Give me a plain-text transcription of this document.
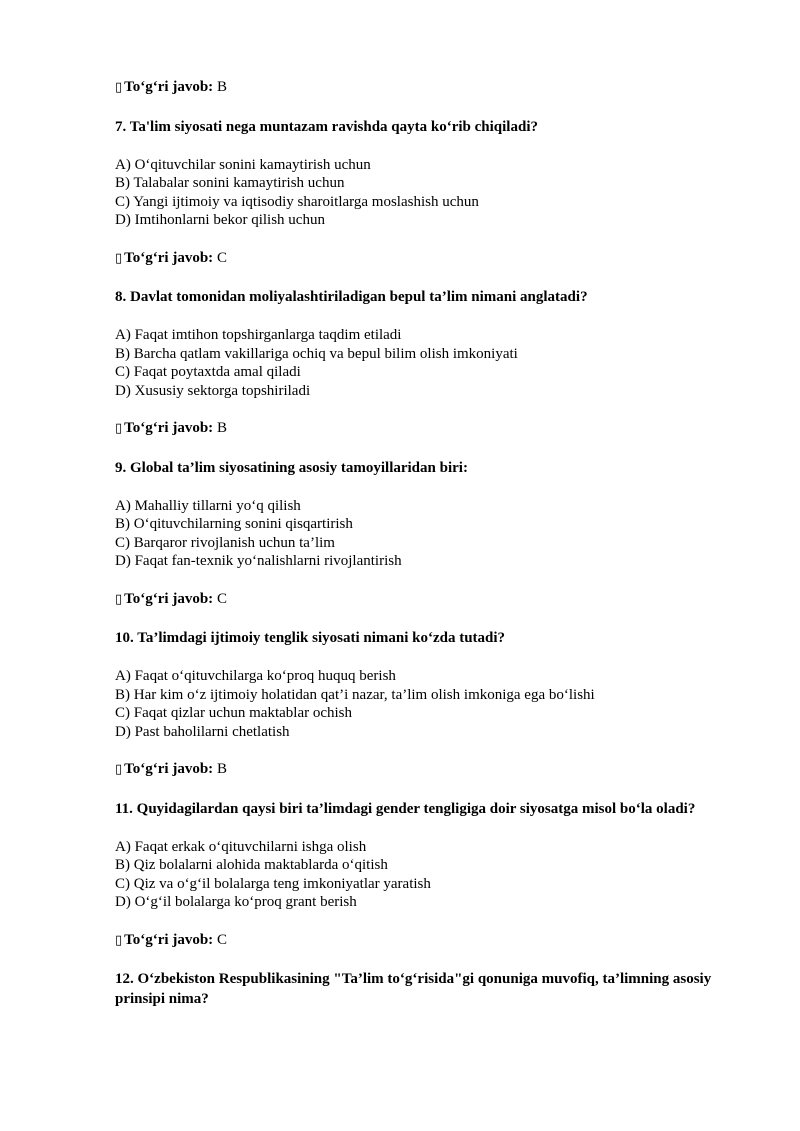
▯ To‘g‘ri javob: B
7. Ta'lim siyosati nega muntazam ravishda qayta ko‘rib chiqiladi?
A) O‘qituvchilar sonini kamaytirish uchun
B) Talabalar sonini kamaytirish uchun
C) Yangi ijtimoiy va iqtisodiy sharoitlarga moslashish uchun
D) Imtihonlarni bekor qilish uchun
▯ To‘g‘ri javob: C
8. Davlat tomonidan moliyalashtiriladigan bepul ta’lim nimani anglatadi?
A) Faqat imtihon topshirganlarga taqdim etiladi
B) Barcha qatlam vakillariga ochiq va bepul bilim olish imkoniyati
C) Faqat poytaxtda amal qiladi
D) Xususiy sektorga topshiriladi
▯ To‘g‘ri javob: B
9. Global ta’lim siyosatining asosiy tamoyillaridan biri:
A) Mahalliy tillarni yo‘q qilish
B) O‘qituvchilarning sonini qisqartirish
C) Barqaror rivojlanish uchun ta’lim
D) Faqat fan-texnik yo‘nalishlarni rivojlantirish
▯ To‘g‘ri javob: C
10. Ta’limdagi ijtimoiy tenglik siyosati nimani ko‘zda tutadi?
A) Faqat o‘qituvchilarga ko‘proq huquq berish
B) Har kim o‘z ijtimoiy holatidan qat’i nazar, ta’lim olish imkoniga ega bo‘lishi
C) Faqat qizlar uchun maktablar ochish
D) Past baholilarni chetlatish
▯ To‘g‘ri javob: B
11. Quyidagilardan qaysi biri ta’limdagi gender tengligiga doir siyosatga misol bo‘la oladi?
A) Faqat erkak o‘qituvchilarni ishga olish
B) Qiz bolalarni alohida maktablarda o‘qitish
C) Qiz va o‘g‘il bolalarga teng imkoniyatlar yaratish
D) O‘g‘il bolalarga ko‘proq grant berish
▯ To‘g‘ri javob: C
12. O‘zbekiston Respublikasining "Ta’lim to‘g‘risida"gi qonuniga muvofiq, ta’limning asosiy prinsipi nima?
